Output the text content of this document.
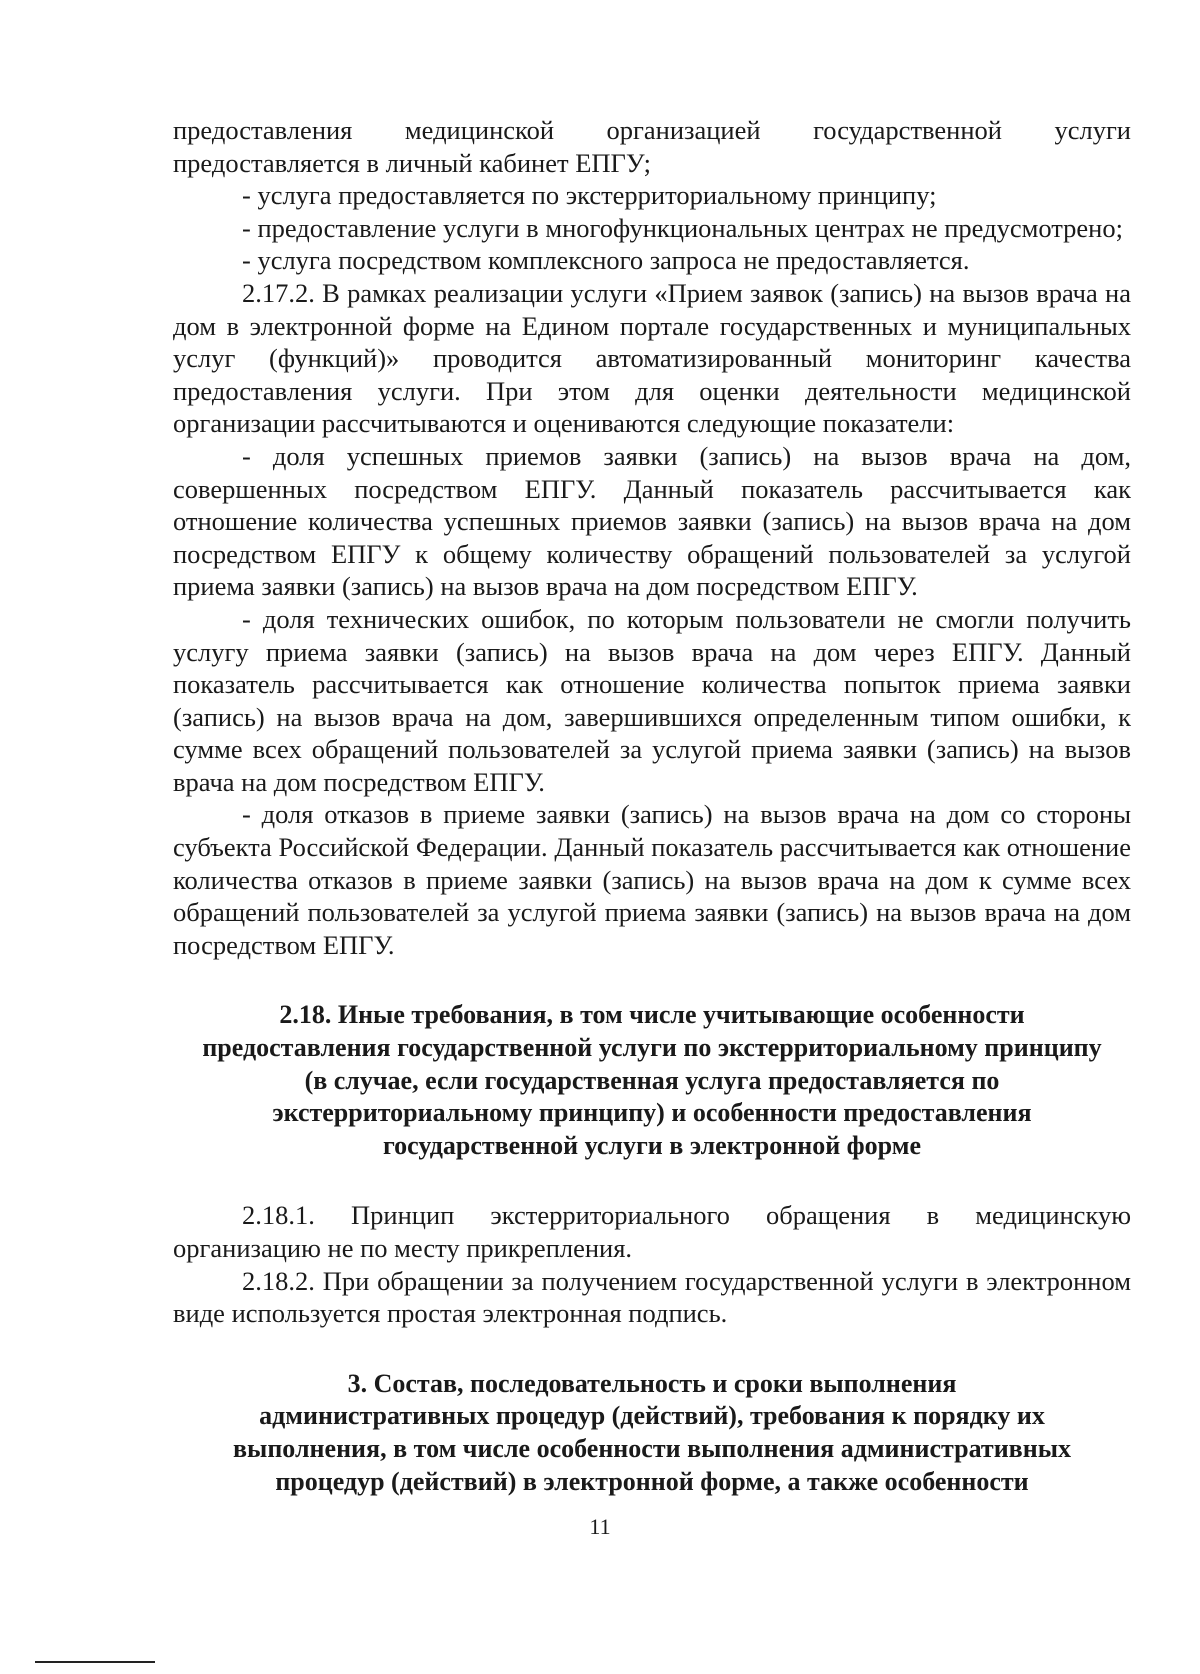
предоставления медицинской организацией государственной услуги предоставляется в личный кабинет ЕПГУ;

- услуга предоставляется по экстерриториальному принципу;

- предоставление услуги в многофункциональных центрах не предусмотрено;

- услуга посредством комплексного запроса не предоставляется.

2.17.2. В рамках реализации услуги «Прием заявок (запись) на вызов врача на дом в электронной форме на Едином портале государственных и муниципальных услуг (функций)» проводится автоматизированный мониторинг качества предоставления услуги. При этом для оценки деятельности медицинской организации рассчитываются и оцениваются следующие показатели:

- доля успешных приемов заявки (запись) на вызов врача на дом, совершенных посредством ЕПГУ. Данный показатель рассчитывается как отношение количества успешных приемов заявки (запись) на вызов врача на дом посредством ЕПГУ к общему количеству обращений пользователей за услугой приема заявки (запись) на вызов врача на дом посредством ЕПГУ.

- доля технических ошибок, по которым пользователи не смогли получить услугу приема заявки (запись) на вызов врача на дом через ЕПГУ. Данный показатель рассчитывается как отношение количества попыток приема заявки (запись) на вызов врача на дом, завершившихся определенным типом ошибки, к сумме всех обращений пользователей за услугой приема заявки (запись) на вызов врача на дом посредством ЕПГУ.

- доля отказов в приеме заявки (запись) на вызов врача на дом со стороны субъекта Российской Федерации. Данный показатель рассчитывается как отношение количества отказов в приеме заявки (запись) на вызов врача на дом к сумме всех обращений пользователей за услугой приема заявки (запись) на вызов врача на дом посредством ЕПГУ.

2.18. Иные требования, в том числе учитывающие особенности
предоставления государственной услуги по экстерриториальному принципу
(в случае, если государственная услуга предоставляется по
экстерриториальному принципу) и особенности предоставления
государственной услуги в электронной форме

2.18.1. Принцип экстерриториального обращения в медицинскую организацию не по месту прикрепления.

2.18.2. При обращении за получением государственной услуги в электронном виде используется простая электронная подпись.

3. Состав, последовательность и сроки выполнения
административных процедур (действий), требования к порядку их
выполнения, в том числе особенности выполнения административных
процедур (действий) в электронной форме, а также особенности
11
